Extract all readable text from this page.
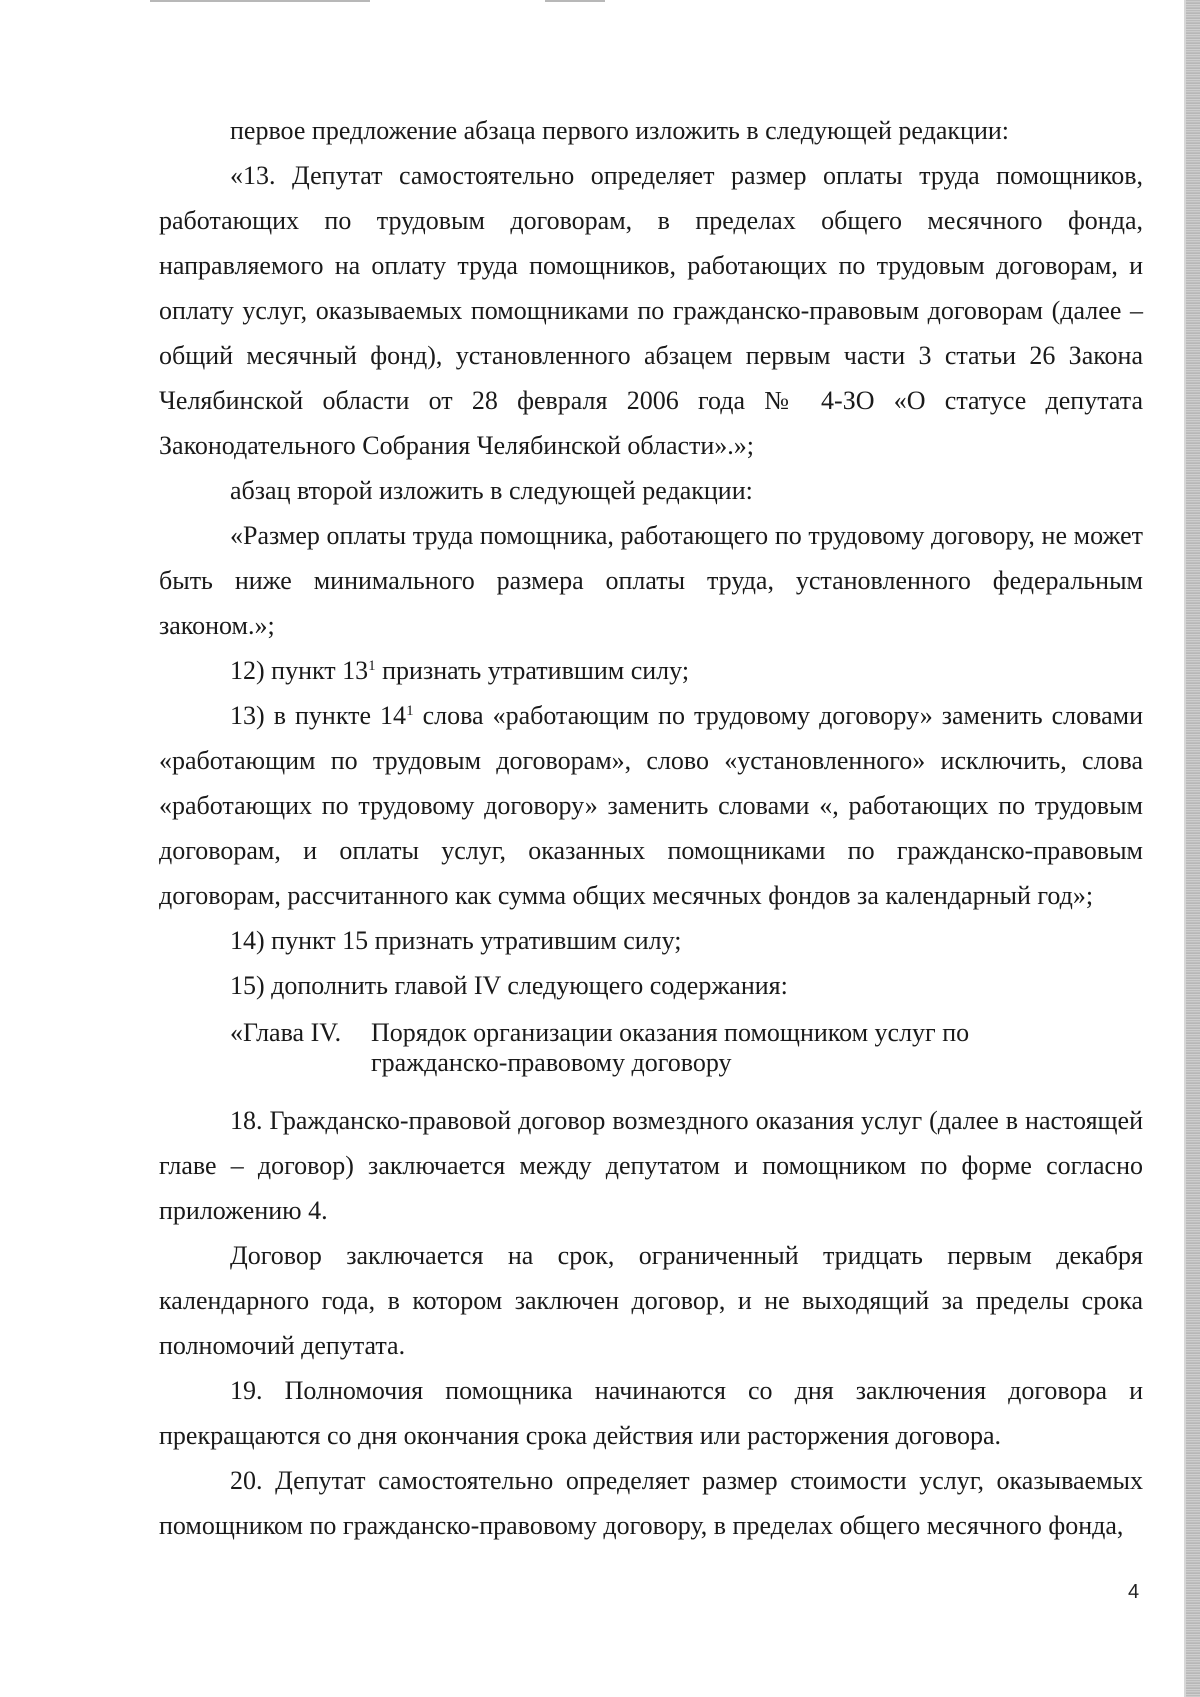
первое предложение абзаца первого изложить в следующей редакции:

«13. Депутат самостоятельно определяет размер оплаты труда помощников, работающих по трудовым договорам, в пределах общего месячного фонда, направляемого на оплату труда помощников, работающих по трудовым договорам, и оплату услуг, оказываемых помощниками по гражданско-правовым договорам (далее – общий месячный фонд), установленного абзацем первым части 3 статьи 26 Закона Челябинской области от 28 февраля 2006 года № 4-ЗО «О статусе депутата Законодательного Собрания Челябинской области».»;

абзац второй изложить в следующей редакции:

«Размер оплаты труда помощника, работающего по трудовому договору, не может быть ниже минимального размера оплаты труда, установленного федеральным законом.»;

12) пункт $13^1$ признать утратившим силу;

13) в пункте $14^1$ слова «работающим по трудовому договору» заменить словами «работающим по трудовым договорам», слово «установленного» исключить, слова «работающих по трудовому договору» заменить словами «, работающих по трудовым договорам, и оплаты услуг, оказанных помощниками по гражданско-правовым договорам, рассчитанного как сумма общих месячных фондов за календарный год»;

14) пункт 15 признать утратившим силу;

15) дополнить главой IV следующего содержания:

«Глава IV.	Порядок организации оказания помощником услуг по
гражданско-правовому договору

18. Гражданско-правовой договор возмездного оказания услуг (далее в настоящей главе – договор) заключается между депутатом и помощником по форме согласно приложению 4.

Договор заключается на срок, ограниченный тридцать первым декабря календарного года, в котором заключен договор, и не выходящий за пределы срока полномочий депутата.

19. Полномочия помощника начинаются со дня заключения договора и прекращаются со дня окончания срока действия или расторжения договора.

20. Депутат самостоятельно определяет размер стоимости услуг, оказываемых помощником по гражданско-правовому договору, в пределах общего месячного фонда,

4
